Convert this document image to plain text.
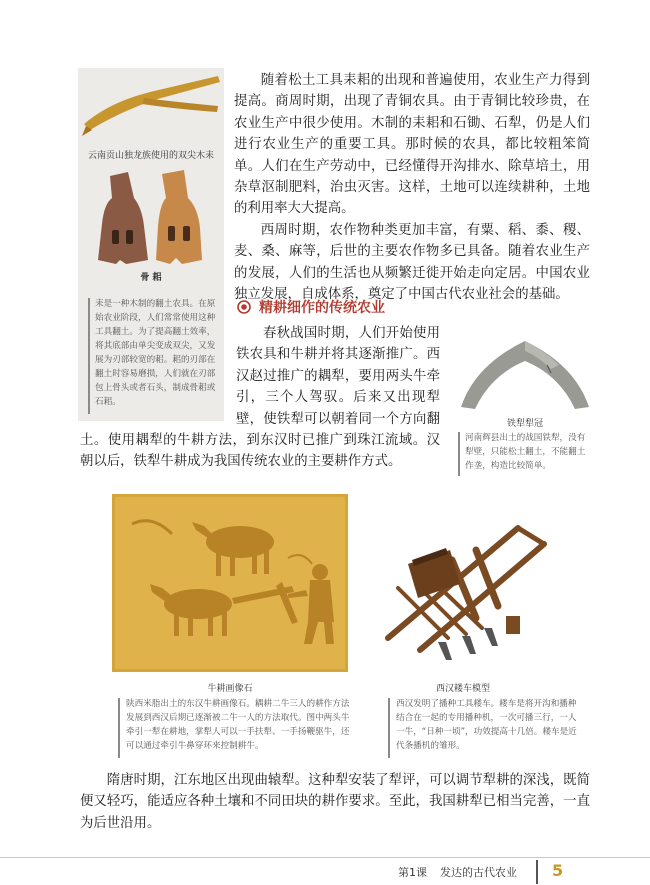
云南贡山独龙族使用的双尖木耒
骨 耜
耒是一种木制的翻土农具。在原始农业阶段，人们常常使用这种工具翻土。为了提高翻土效率，将其底部由单尖变成双尖，又发展为刃部较宽的耜。耜的刃部在翻土时容易磨损，人们就在刃部包上骨头或者石头，制成骨耜或石耜。

随着松土工具耒耜的出现和普遍使用，农业生产力得到提高。商周时期，出现了青铜农具。由于青铜比较珍贵，在农业生产中很少使用。木制的耒耜和石锄、石犁，仍是人们进行农业生产的重要工具。那时候的农具，都比较粗笨简单。人们在生产劳动中，已经懂得开沟排水、除草培土，用杂草沤制肥料，治虫灭害。这样，土地可以连续耕种，土地的利用率大大提高。

西周时期，农作物种类更加丰富，有粟、稻、黍、稷、麦、桑、麻等，后世的主要农作物多已具备。随着农业生产的发展，人们的生活也从频繁迁徙开始走向定居。中国农业独立发展，自成体系，奠定了中国古代农业社会的基础。

精耕细作的传统农业

春秋战国时期，人们开始使用铁农具和牛耕并将其逐渐推广。西汉赵过推广的耦犁，要用两头牛牵引，三个人驾驭。后来又出现犁壁，使铁犁可以朝着同一个方向翻土。使用耦犁的牛耕方法，到东汉时已推广到珠江流域。汉朝以后，铁犁牛耕成为我国传统农业的主要耕作方式。

铁犁犁冠
河南辉县出土的战国铁犁，没有犁壁，只能松土翻土，不能翻土作垄，构造比较简单。
牛耕画像石
陕西米脂出土的东汉牛耕画像石。耦耕二牛三人的耕作方法发展到西汉后期已逐渐被二牛一人的方法取代。图中两头牛牵引一犁在耕地，掌犁人可以一手扶犁、一手扬鞭驱牛，还可以通过牵引牛鼻穿环来控制耕牛。
西汉耧车模型
西汉发明了播种工具耧车。耧车是将开沟和播种结合在一起的专用播种机，一次可播三行，一人一牛，“日种一顷”，功效提高十几倍。耧车是近代条播机的雏形。

隋唐时期，江东地区出现曲辕犁。这种犁安装了犁评，可以调节犁耕的深浅，既简便又轻巧，能适应各种土壤和不同田块的耕作要求。至此，我国耕犁已相当完善，一直为后世沿用。

第1课 发达的古代农业 5
